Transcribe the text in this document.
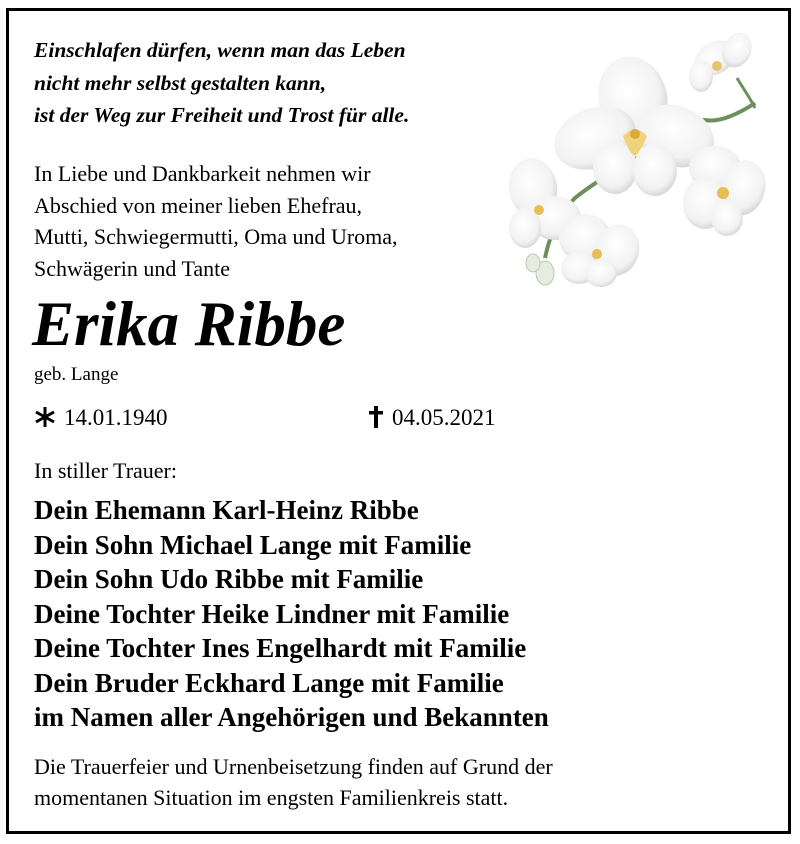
Einschlafen dürfen, wenn man das Leben
nicht mehr selbst gestalten kann,
ist der Weg zur Freiheit und Trost für alle.
In Liebe und Dankbarkeit nehmen wir
Abschied von meiner lieben Ehefrau,
Mutti, Schwiegermutti, Oma und Uroma,
Schwägerin und Tante
Erika Ribbe
geb. Lange
14.01.1940	04.05.2021
In stiller Trauer:
Dein Ehemann Karl-Heinz Ribbe
Dein Sohn Michael Lange mit Familie
Dein Sohn Udo Ribbe mit Familie
Deine Tochter Heike Lindner mit Familie
Deine Tochter Ines Engelhardt mit Familie
Dein Bruder Eckhard Lange mit Familie
im Namen aller Angehörigen und Bekannten
Die Trauerfeier und Urnenbeisetzung finden auf Grund der
momentanen Situation im engsten Familienkreis statt.
